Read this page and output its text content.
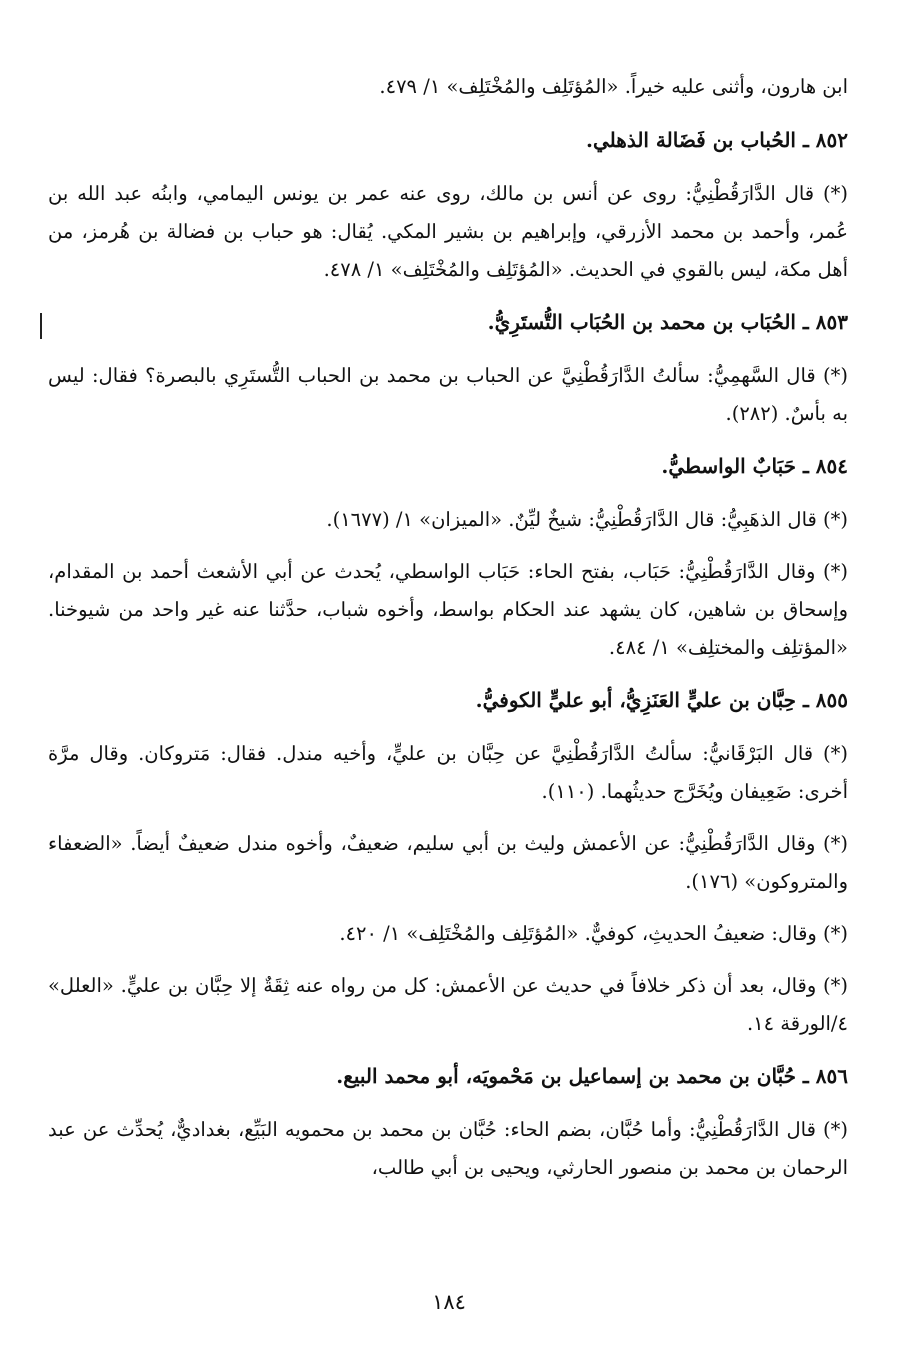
ابن هارون، وأثنى عليه خيراً. «المُؤتَلِف والمُخْتَلِف» ١/ ٤٧٩.

٨٥٢ ـ الحُباب بن فَضَالة الذهلي.

(*) قال الدَّارَقُطْنِيُّ: روى عن أنس بن مالك، روى عنه عمر بن يونس اليمامي، وابنُه عبد الله بن عُمر، وأحمد بن محمد الأزرقي، وإبراهيم بن بشير المكي. يُقال: هو حباب بن فضالة بن هُرمز، من أهل مكة، ليس بالقوي في الحديث. «المُؤتَلِف والمُخْتَلِف» ١/ ٤٧٨.

٨٥٣ ـ الحُبَاب بن محمد بن الحُبَاب التُّستَرِيُّ.

(*) قال السَّهمِيُّ: سألتُ الدَّارَقُطْنِيَّ عن الحباب بن محمد بن الحباب التُّستَرِي بالبصرة؟ فقال: ليس به بأسٌ. (٢٨٢).

٨٥٤ ـ حَبَابٌ الواسطيُّ.

(*) قال الذهَبِيُّ: قال الدَّارَقُطْنِيُّ: شيخٌ ليِّنٌ. «الميزان» ١/ (١٦٧٧).

(*) وقال الدَّارَقُطْنِيُّ: حَبَاب، بفتح الحاء: حَبَاب الواسطي، يُحدث عن أبي الأشعث أحمد بن المقدام، وإسحاق بن شاهين، كان يشهد عند الحكام بواسط، وأخوه شباب، حدَّثنا عنه غير واحد من شيوخنا. «المؤتلِف والمختلِف» ١/ ٤٨٤.

٨٥٥ ـ حِبَّان بن عليٍّ العَنَزِيُّ، أبو عليٍّ الكوفيُّ.

(*) قال البَرْقَانيُّ: سألتُ الدَّارَقُطْنِيَّ عن حِبَّان بن عليٍّ، وأخيه مندل. فقال: مَتروكان. وقال مرَّة أخرى: ضَعِيفان ويُخَرَّج حديثُهما. (١١٠).

(*) وقال الدَّارَقُطْنِيُّ: عن الأعمش وليث بن أبي سليم، ضعيفٌ، وأخوه مندل ضعيفٌ أيضاً. «الضعفاء والمتروكون» (١٧٦).

(*) وقال: ضعيفُ الحديثِ، كوفيٌّ. «المُؤتَلِف والمُخْتَلِف» ١/ ٤٢٠.

(*) وقال، بعد أن ذكر خلافاً في حديث عن الأعمش: كل من رواه عنه ثِقَةٌ إلا حِبَّان بن عليٍّ. «العلل» ٤/الورقة ١٤.

٨٥٦ ـ حُبَّان بن محمد بن إسماعيل بن مَحْمويَه، أبو محمد البيع.

(*) قال الدَّارَقُطْنِيُّ: وأما حُبَّان، بضم الحاء: حُبَّان بن محمد بن محمويه البَيِّع، بغداديٌّ، يُحدِّث عن عبد الرحمان بن محمد بن منصور الحارثي، ويحيى بن أبي طالب،

١٨٤
